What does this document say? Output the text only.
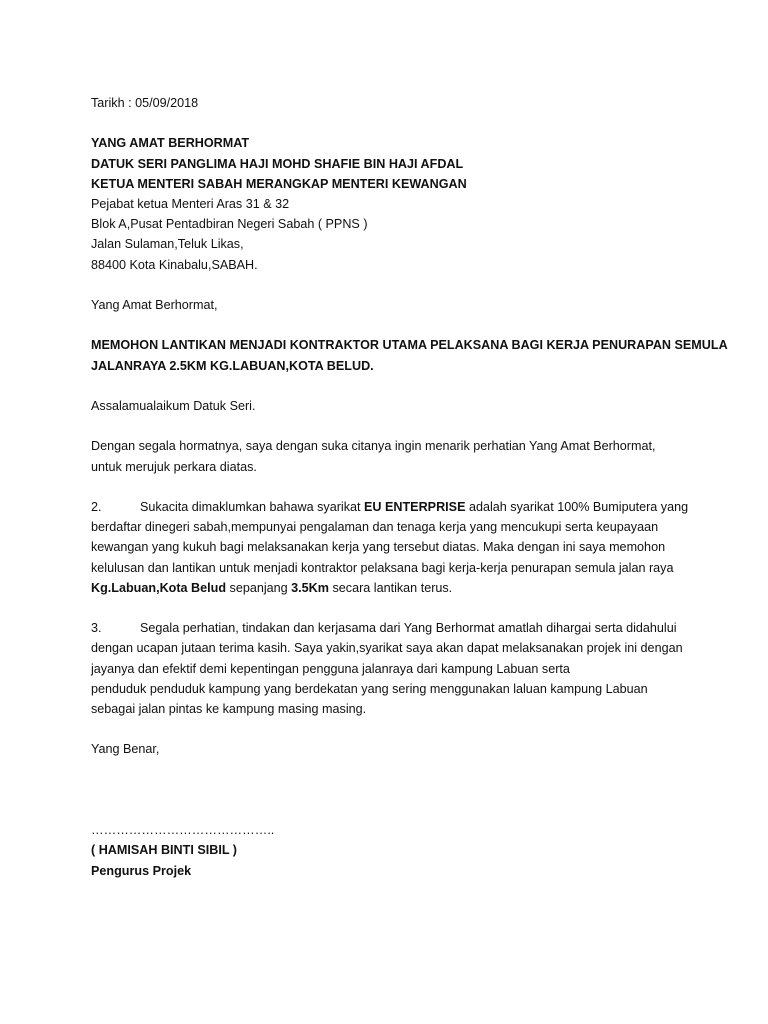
Tarikh : 05/09/2018
YANG AMAT BERHORMAT
DATUK SERI PANGLIMA HAJI MOHD SHAFIE BIN HAJI AFDAL
KETUA MENTERI SABAH MERANGKAP MENTERI KEWANGAN
Pejabat ketua Menteri Aras 31 & 32
Blok A,Pusat Pentadbiran Negeri Sabah ( PPNS )
Jalan Sulaman,Teluk Likas,
88400 Kota Kinabalu,SABAH.
Yang Amat Berhormat,
MEMOHON LANTIKAN MENJADI KONTRAKTOR UTAMA PELAKSANA BAGI KERJA PENURAPAN SEMULA
JALANRAYA 2.5KM KG.LABUAN,KOTA BELUD.
Assalamualaikum Datuk Seri.
Dengan segala hormatnya, saya dengan suka citanya ingin menarik perhatian Yang Amat Berhormat,
untuk merujuk perkara diatas.
2.	Sukacita dimaklumkan bahawa syarikat EU ENTERPRISE adalah syarikat 100% Bumiputera yang
berdaftar dinegeri sabah,mempunyai pengalaman dan tenaga kerja yang mencukupi serta keupayaan
kewangan yang kukuh bagi melaksanakan kerja yang tersebut diatas. Maka dengan ini saya memohon
kelulusan dan lantikan untuk menjadi kontraktor pelaksana bagi kerja-kerja penurapan semula jalan raya
Kg.Labuan,Kota Belud sepanjang 3.5Km secara lantikan terus.
3.	Segala perhatian, tindakan dan kerjasama dari Yang Berhormat amatlah dihargai serta didahului
dengan ucapan jutaan terima kasih. Saya yakin,syarikat saya akan dapat melaksanakan projek ini dengan
jayanya dan efektif demi kepentingan pengguna jalanraya dari kampung Labuan serta
penduduk penduduk kampung yang berdekatan yang sering menggunakan laluan kampung Labuan
sebagai jalan pintas ke kampung masing masing.
Yang Benar,
……………………………………..
( HAMISAH BINTI SIBIL )
Pengurus Projek
